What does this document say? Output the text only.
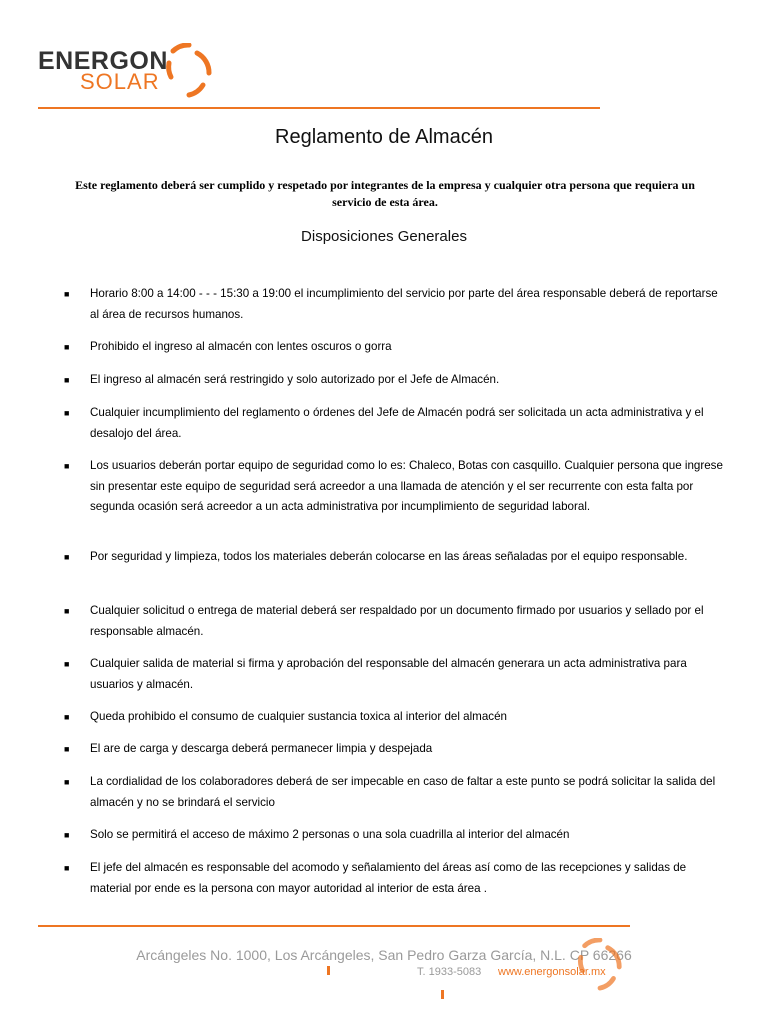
ENERGON
SOLAR
Reglamento de Almacén
Este reglamento deberá ser cumplido y respetado por integrantes de la empresa y cualquier otra persona que requiera un servicio de esta área.
Disposiciones Generales
■ Horario 8:00 a 14:00 - - - 15:30 a 19:00 el incumplimiento del servicio por parte del área responsable deberá de reportarse al área de recursos humanos.
■ Prohibido el ingreso al almacén con lentes oscuros o gorra
■ El ingreso al almacén será restringido y solo autorizado por el Jefe de Almacén.
■ Cualquier incumplimiento del reglamento o órdenes del Jefe de Almacén podrá ser solicitada un acta administrativa y el desalojo del área.
■ Los usuarios deberán portar equipo de seguridad como lo es: Chaleco, Botas con casquillo. Cualquier persona que ingrese sin presentar este equipo de seguridad será acreedor a una llamada de atención y el ser recurrente con esta falta por segunda ocasión será acreedor a un acta administrativa por incumplimiento de seguridad laboral.
■ Por seguridad y limpieza, todos los materiales deberán colocarse en las áreas señaladas por el equipo responsable.
■ Cualquier solicitud o entrega de material deberá ser respaldado por un documento firmado por usuarios y sellado por el responsable almacén.
■ Cualquier salida de material si firma y aprobación del responsable del almacén generara un acta administrativa para usuarios y almacén.
■ Queda prohibido el consumo de cualquier sustancia toxica al interior del almacén
■ El are de carga y descarga deberá permanecer limpia y despejada
■ La cordialidad de los colaboradores deberá de ser impecable en caso de faltar a este punto se podrá solicitar la salida del almacén y no se brindará el servicio
■ Solo se permitirá el acceso de máximo 2 personas o una sola cuadrilla al interior del almacén
■ El jefe del almacén es responsable del acomodo y señalamiento del áreas así como de las recepciones y salidas de material por ende es la persona con mayor autoridad al interior de esta área .
Arcángeles No. 1000, Los Arcángeles, San Pedro Garza García, N.L. CP 66266
T. 1933-5083 www.energonsolar.mx
